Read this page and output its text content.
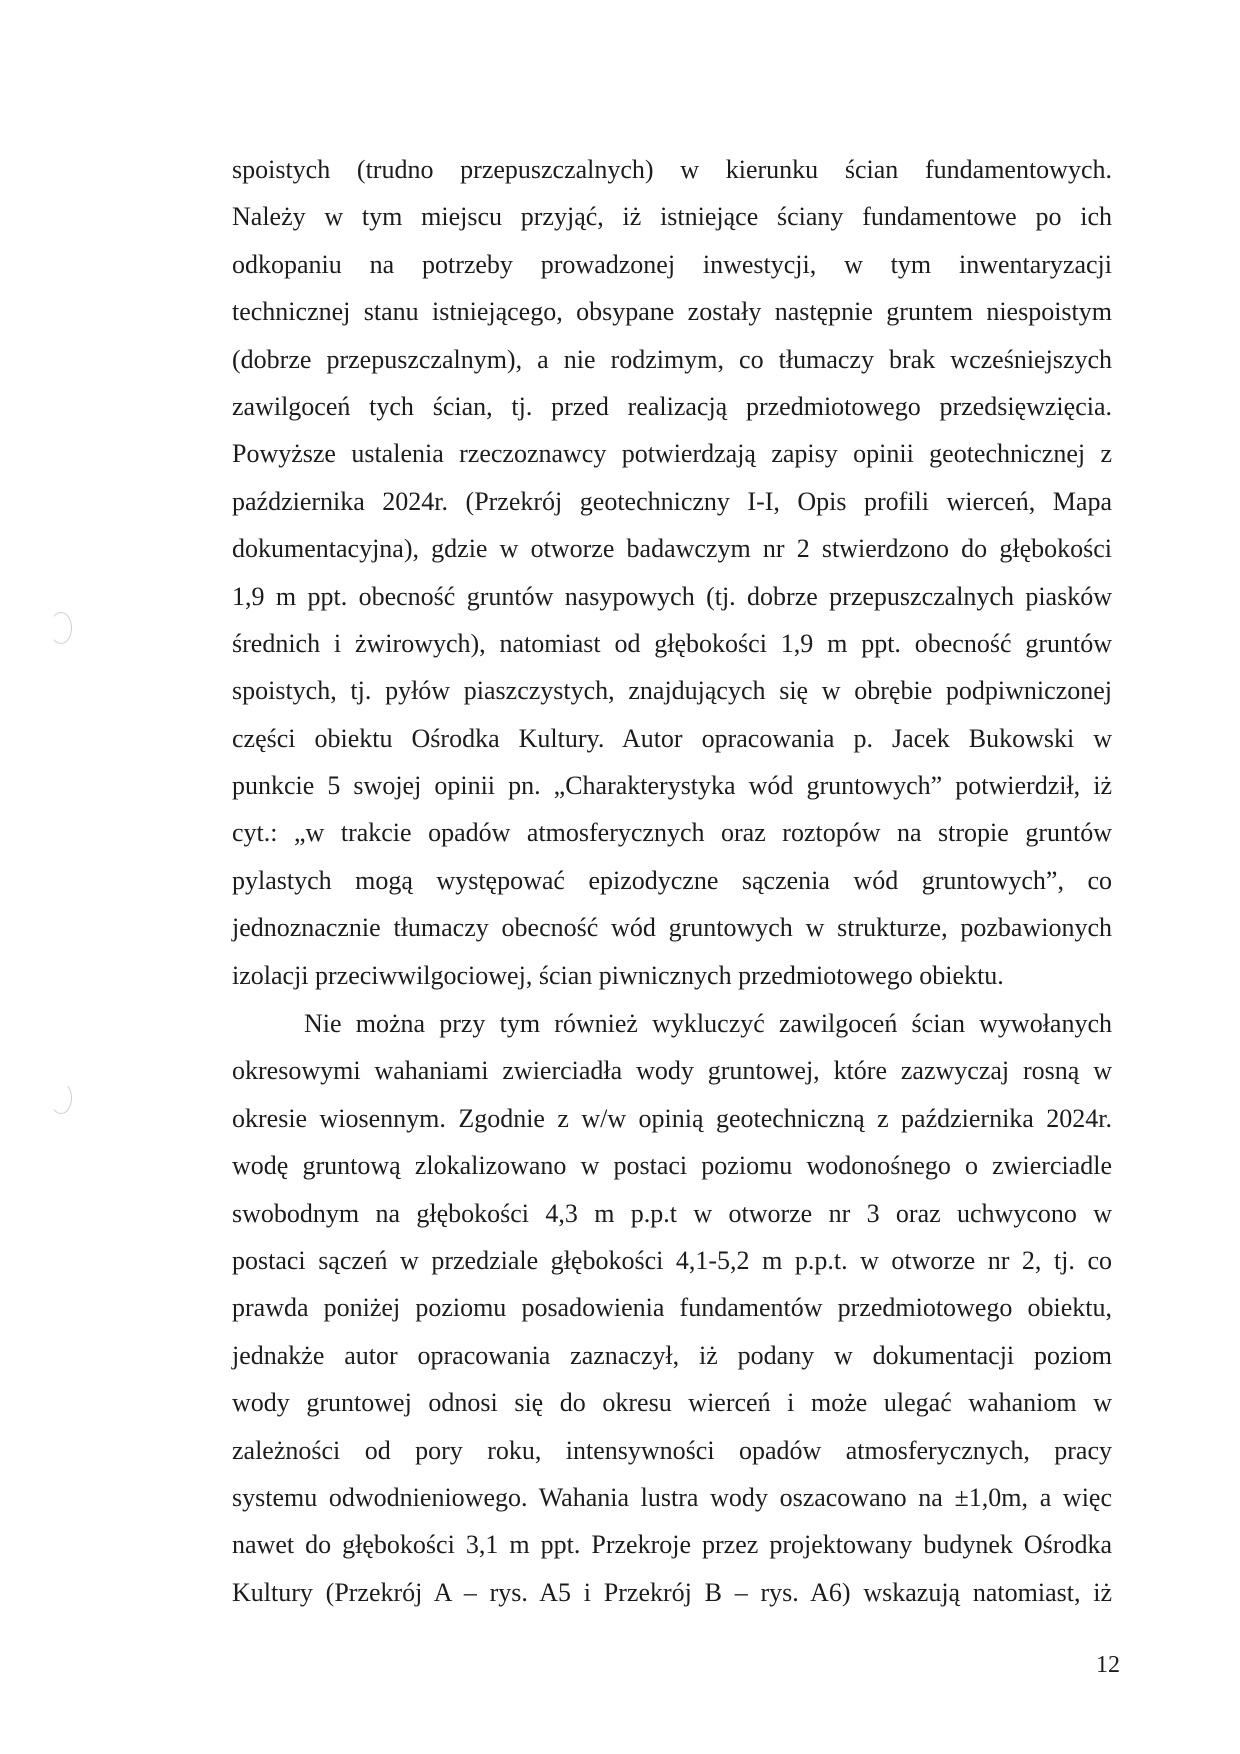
spoistych (trudno przepuszczalnych) w kierunku ścian fundamentowych.
Należy w tym miejscu przyjąć, iż istniejące ściany fundamentowe po ich
odkopaniu na potrzeby prowadzonej inwestycji, w tym inwentaryzacji
technicznej stanu istniejącego, obsypane zostały następnie gruntem niespoistym
(dobrze przepuszczalnym), a nie rodzimym, co tłumaczy brak wcześniejszych
zawilgoceń tych ścian, tj. przed realizacją przedmiotowego przedsięwzięcia.
Powyższe ustalenia rzeczoznawcy potwierdzają zapisy opinii geotechnicznej z
października 2024r. (Przekrój geotechniczny I-I, Opis profili wierceń, Mapa
dokumentacyjna), gdzie w otworze badawczym nr 2 stwierdzono do głębokości
1,9 m ppt. obecność gruntów nasypowych (tj. dobrze przepuszczalnych piasków
średnich i żwirowych), natomiast od głębokości 1,9 m ppt. obecność gruntów
spoistych, tj. pyłów piaszczystych, znajdujących się w obrębie podpiwniczonej
części obiektu Ośrodka Kultury. Autor opracowania p. Jacek Bukowski w
punkcie 5 swojej opinii pn. „Charakterystyka wód gruntowych” potwierdził, iż
cyt.: „w trakcie opadów atmosferycznych oraz roztopów na stropie gruntów
pylastych mogą występować epizodyczne sączenia wód gruntowych”, co
jednoznacznie tłumaczy obecność wód gruntowych w strukturze, pozbawionych
izolacji przeciwwilgociowej, ścian piwnicznych przedmiotowego obiektu.
Nie można przy tym również wykluczyć zawilgoceń ścian wywołanych
okresowymi wahaniami zwierciadła wody gruntowej, które zazwyczaj rosną w
okresie wiosennym. Zgodnie z w/w opinią geotechniczną z października 2024r.
wodę gruntową zlokalizowano w postaci poziomu wodonośnego o zwierciadle
swobodnym na głębokości 4,3 m p.p.t w otworze nr 3 oraz uchwycono w
postaci sączeń w przedziale głębokości 4,1-5,2 m p.p.t. w otworze nr 2, tj. co
prawda poniżej poziomu posadowienia fundamentów przedmiotowego obiektu,
jednakże autor opracowania zaznaczył, iż podany w dokumentacji poziom
wody gruntowej odnosi się do okresu wierceń i może ulegać wahaniom w
zależności od pory roku, intensywności opadów atmosferycznych, pracy
systemu odwodnieniowego. Wahania lustra wody oszacowano na ±1,0m, a więc
nawet do głębokości 3,1 m ppt. Przekroje przez projektowany budynek Ośrodka
Kultury (Przekrój A – rys. A5 i Przekrój B – rys. A6) wskazują natomiast, iż
12
